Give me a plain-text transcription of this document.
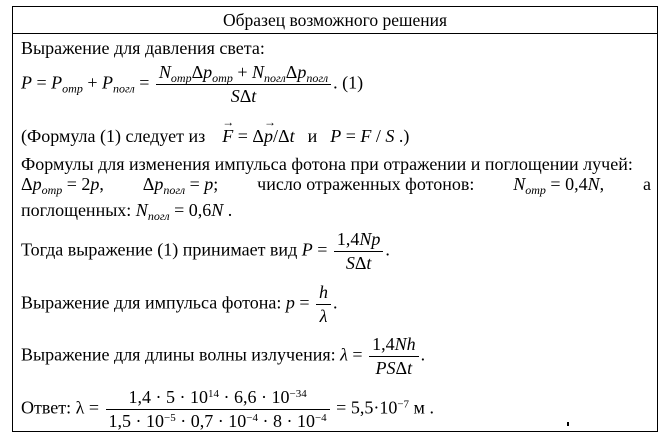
Образец возможного решения
Выражение для давления света:
$P = P_{отр} + P_{погл} = \frac{N_{отр}\Delta p_{отр} + N_{погл}\Delta p_{погл}}{\text{SΔt}}$ . (1)
(Формула (1) следует из  → F = Δ→ p/Δt и P = F / S .)
Формулы для изменения импульса фотона при отражении и поглощении лучей:
$\Delta p_{отр} = 2p$, $\Delta p_{погл} = p$; число отраженных фотонов: $N_{отр} = 0,4N$, а
поглощенных: $N_{погл} = 0,6N$ .
Тогда выражение (1) принимает вид $P = \frac{1,4Np}{\text{SΔt}}$ .
Выражение для импульса фотона: $p = \frac{h}{\lambda}$ .
Выражение для длины волны излучения: $\lambda = \frac{1,4Nh}{\text{PSΔt}}$ .
Ответ: $\lambda = \frac{1,4 \cdot 5 \cdot 10^{14} \cdot 6,6 \cdot 10^{-34}}{1,5 \cdot 10^{-5} \cdot 0,7 \cdot 10^{-4} \cdot 8 \cdot 10^{-4}} = 5,5\cdot 10^{-7}$ м .
